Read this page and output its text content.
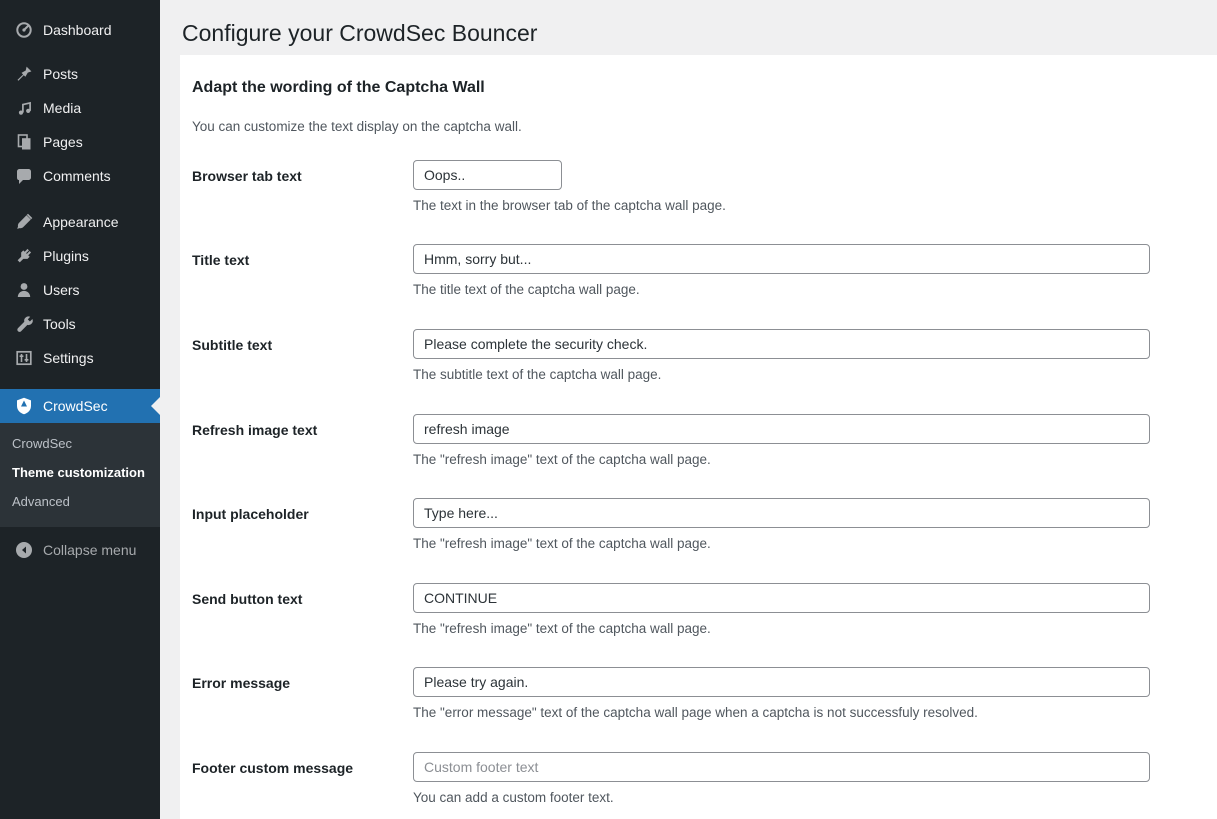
Dashboard
Posts
Media
Pages
Comments
Appearance
Plugins
Users
Tools
Settings
CrowdSec
CrowdSec
Theme customization
Advanced
Collapse menu
Configure your CrowdSec Bouncer
Adapt the wording of the Captcha Wall

You can customize the text display on the captcha wall.

Browser tab text
Oops..

The text in the browser tab of the captcha wall page.

Title text
Hmm, sorry but...

The title text of the captcha wall page.

Subtitle text
Please complete the security check.

The subtitle text of the captcha wall page.

Refresh image text
refresh image

The "refresh image" text of the captcha wall page.

Input placeholder
Type here...

The "refresh image" text of the captcha wall page.

Send button text
CONTINUE

The "refresh image" text of the captcha wall page.

Error message
Please try again.

The "error message" text of the captcha wall page when a captcha is not successfuly resolved.

Footer custom message
Custom footer text

You can add a custom footer text.
